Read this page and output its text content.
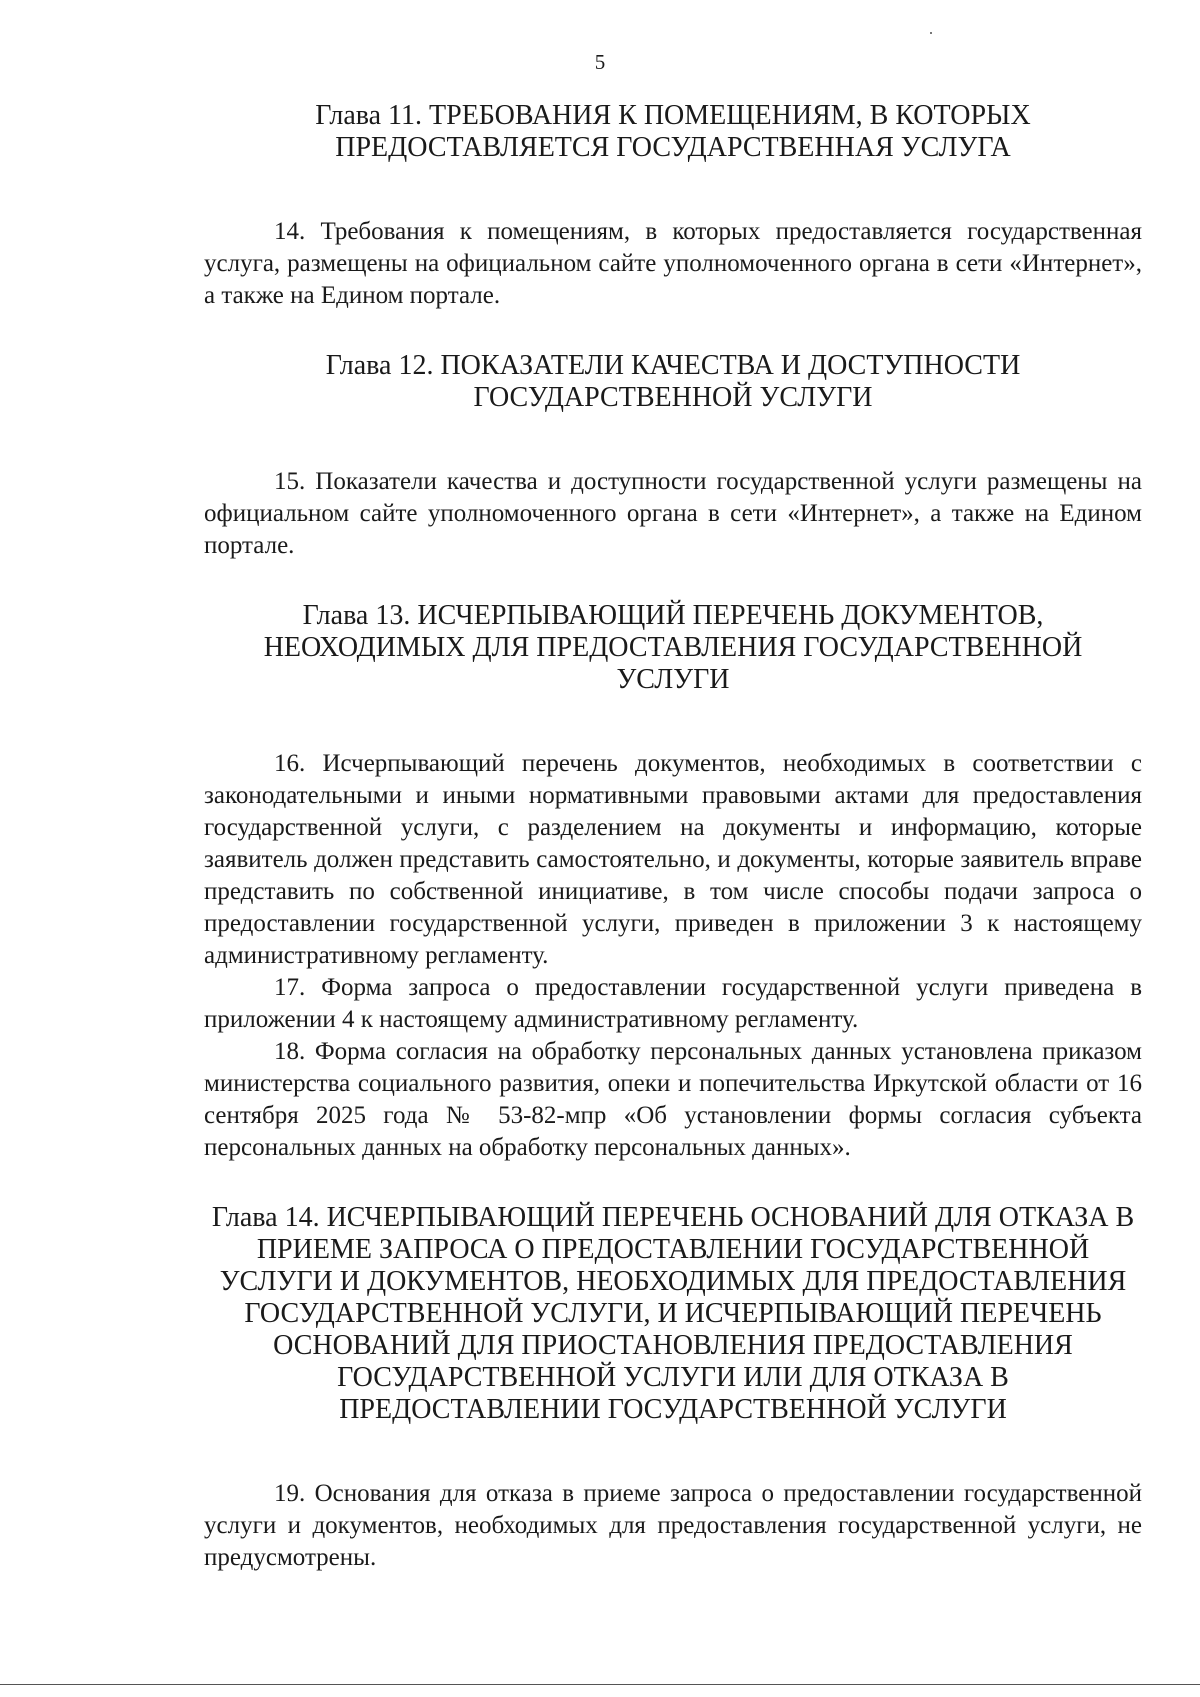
5
Глава 11. ТРЕБОВАНИЯ К ПОМЕЩЕНИЯМ, В КОТОРЫХ
ПРЕДОСТАВЛЯЕТСЯ ГОСУДАРСТВЕННАЯ УСЛУГА

14. Требования к помещениям, в которых предоставляется государственная услуга, размещены на официальном сайте уполномоченного органа в сети «Интернет», а также на Едином портале.

Глава 12. ПОКАЗАТЕЛИ КАЧЕСТВА И ДОСТУПНОСТИ
ГОСУДАРСТВЕННОЙ УСЛУГИ

15. Показатели качества и доступности государственной услуги размещены на официальном сайте уполномоченного органа в сети «Интернет», а также на Едином портале.

Глава 13. ИСЧЕРПЫВАЮЩИЙ ПЕРЕЧЕНЬ ДОКУМЕНТОВ,
НЕОХОДИМЫХ ДЛЯ ПРЕДОСТАВЛЕНИЯ ГОСУДАРСТВЕННОЙ
УСЛУГИ

16. Исчерпывающий перечень документов, необходимых в соответствии с законодательными и иными нормативными правовыми актами для предоставления государственной услуги, с разделением на документы и информацию, которые заявитель должен представить самостоятельно, и документы, которые заявитель вправе представить по собственной инициативе, в том числе способы подачи запроса о предоставлении государственной услуги, приведен в приложении 3 к настоящему административному регламенту.

17. Форма запроса о предоставлении государственной услуги приведена в приложении 4 к настоящему административному регламенту.

18. Форма согласия на обработку персональных данных установлена приказом министерства социального развития, опеки и попечительства Иркутской области от 16 сентября 2025 года № 53-82-мпр «Об установлении формы согласия субъекта персональных данных на обработку персональных данных».

Глава 14. ИСЧЕРПЫВАЮЩИЙ ПЕРЕЧЕНЬ ОСНОВАНИЙ ДЛЯ ОТКАЗА В
ПРИЕМЕ ЗАПРОСА О ПРЕДОСТАВЛЕНИИ ГОСУДАРСТВЕННОЙ
УСЛУГИ И ДОКУМЕНТОВ, НЕОБХОДИМЫХ ДЛЯ ПРЕДОСТАВЛЕНИЯ
ГОСУДАРСТВЕННОЙ УСЛУГИ, И ИСЧЕРПЫВАЮЩИЙ ПЕРЕЧЕНЬ
ОСНОВАНИЙ ДЛЯ ПРИОСТАНОВЛЕНИЯ ПРЕДОСТАВЛЕНИЯ
ГОСУДАРСТВЕННОЙ УСЛУГИ ИЛИ ДЛЯ ОТКАЗА В
ПРЕДОСТАВЛЕНИИ ГОСУДАРСТВЕННОЙ УСЛУГИ

19. Основания для отказа в приеме запроса о предоставлении государственной услуги и документов, необходимых для предоставления государственной услуги, не предусмотрены.
